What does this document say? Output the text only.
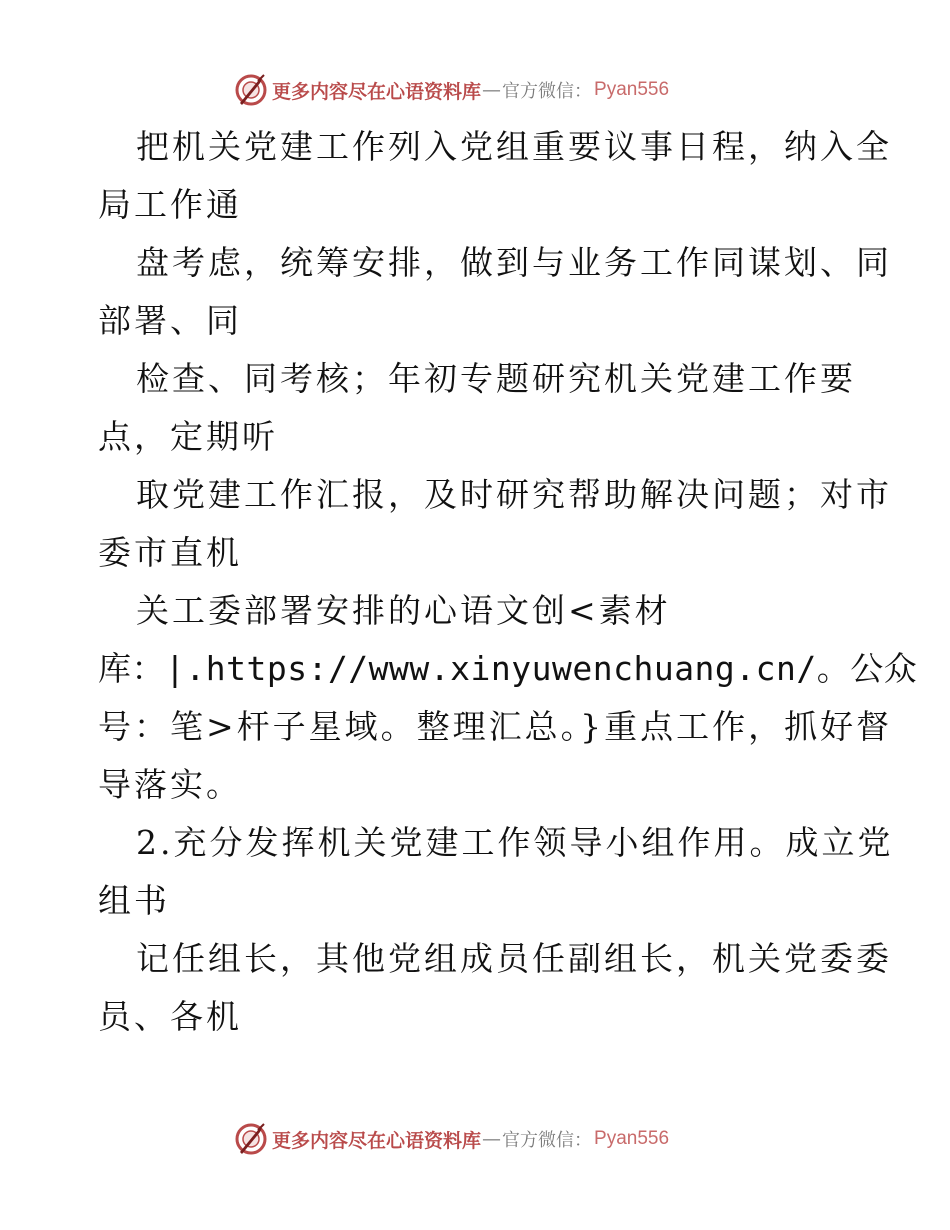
更多内容尽在心语资料库 — 官方微信： Pyan556
把机关党建工作列入党组重要议事日程，纳入全
局工作通
盘考虑，统筹安排，做到与业务工作同谋划、同
部署、同
检查、同考核；年初专题研究机关党建工作要
点，定期听
取党建工作汇报，及时研究帮助解决问题；对市
委市直机
关工委部署安排的心语文创<素材
库：|.https://www.xinyuwenchuang.cn/。公众
号：笔>杆子星域。整理汇总。}重点工作，抓好督
导落实。
2.充分发挥机关党建工作领导小组作用。成立党
组书
记任组长，其他党组成员任副组长，机关党委委
员、各机
更多内容尽在心语资料库 — 官方微信： Pyan556
